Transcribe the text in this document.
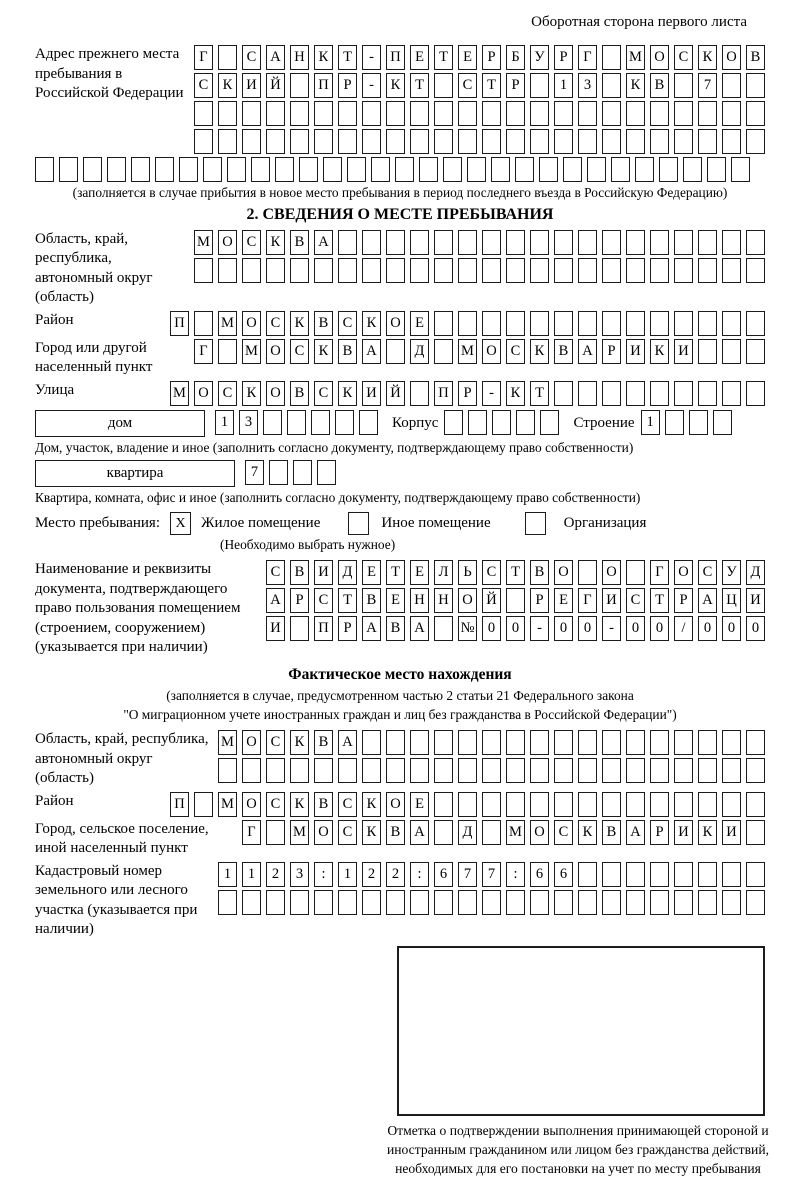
Оборотная сторона первого листа
Адрес прежнего места пребывания в Российской Федерации
Г	С А Н К	Т	-	П Е	Т	Е	Р	Б	У	Р	Г	М О С К О В
С К И Й	П	Р	-	К	Т	С	Т	Р	1	3	К В	7
(заполняется в случае прибытия в новое место пребывания в период последнего въезда в Российскую Федерацию)
2. СВЕДЕНИЯ О МЕСТЕ ПРЕБЫВАНИЯ
Область, край, республика, автономный округ (область)
М О С К В А
Район	П	М О С К В С К О Е
Город или другой населенный пункт
Г	М О С К В А	Д	М О С К В А	Р	И К И
Улица	М О С К О В С К И Й	П	Р	-	К	Т
дом	1	3	Корпус	Строение 1
Дом, участок, владение и иное (заполнить согласно документу, подтверждающему право собственности)
квартира	7
Квартира, комната, офис и иное (заполнить согласно документу, подтверждающему право собственности)
Место пребывания:	X	Жилое помещение	Иное помещение	Организация
(Необходимо выбрать нужное)
Наименование и реквизиты документа, подтверждающего право пользования помещением (строением, сооружением) (указывается при наличии)
С В И Д	Е	Т	Е	Л	Ь	С	Т	В О	О	Г	О С У Д
А	Р	С	Т	В	Е Н Н О Й	Р	Е	Г	И С	Т	Р	А Ц И
И	П	Р	А В А № 0	0	-	0	0	-	0	0	/	0	0	0
Фактическое место нахождения
(заполняется в случае, предусмотренном частью 2 статьи 21 Федерального закона
"О миграционном учете иностранных граждан и лиц без гражданства в Российской Федерации")
Область, край, республика, автономный округ (область)
М О С К В А
Район	П	М О С К В С К О Е
Город, сельское поселение, иной населенный пункт
Г	М О С К В А	Д	М О С К В А	Р	И К И
Кадастровый номер земельного или лесного участка (указывается при наличии)
1	1	2	3	:	1	2	2	:	6	7	7	:	6	6
Отметка о подтверждении выполнения принимающей стороной и иностранным гражданином или лицом без гражданства действий, необходимых для его постановки на учет по месту пребывания
